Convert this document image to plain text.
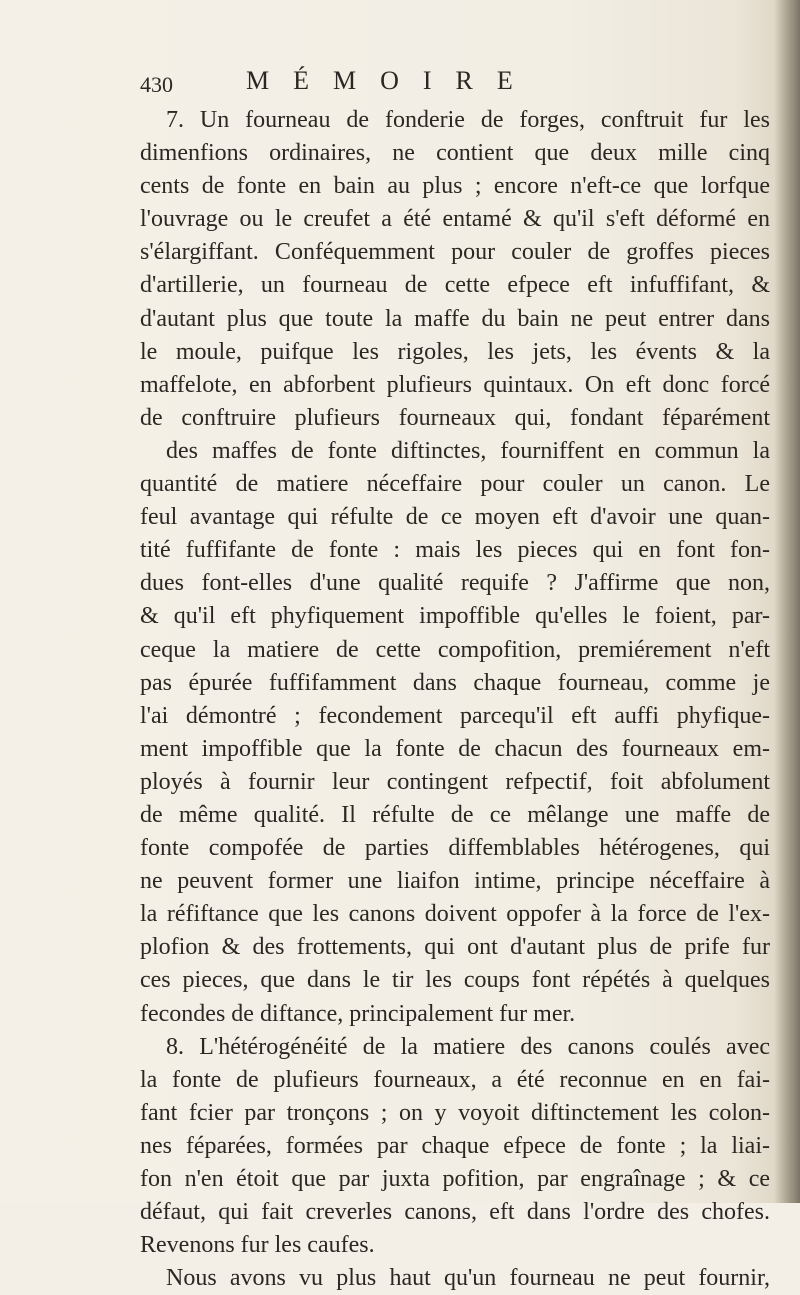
430	MÉMOIRE
7. Un fourneau de fonderie de forges, conftruit fur les
dimenfions ordinaires, ne contient que deux mille cinq
cents de fonte en bain au plus ; encore n'eft-ce que lorfque
l'ouvrage ou le creufet a été entamé & qu'il s'eft déformé en
s'élargiffant. Conféquemment pour couler de groffes pieces
d'artillerie, un fourneau de cette efpece eft infuffifant, &
d'autant plus que toute la maffe du bain ne peut entrer dans
le moule, puifque les rigoles, les jets, les évents & la
maffelote, en abforbent plufieurs quintaux. On eft donc forcé
de conftruire plufieurs fourneaux qui, fondant féparément
des maffes de fonte diftinctes, fourniffent en commun la
quantité de matiere néceffaire pour couler un canon. Le
feul avantage qui réfulte de ce moyen eft d'avoir une quan-
tité fuffifante de fonte : mais les pieces qui en font fon-
dues font-elles d'une qualité requife ? J'affirme que non,
& qu'il eft phyfiquement impoffible qu'elles le foient, par-
ceque la matiere de cette compofition, premiérement n'eft
pas épurée fuffifamment dans chaque fourneau, comme je
l'ai démontré ; fecondement parcequ'il eft auffi phyfique-
ment impoffible que la fonte de chacun des fourneaux em-
ployés à fournir leur contingent refpectif, foit abfolument
de même qualité. Il réfulte de ce mêlange une maffe de
fonte compofée de parties diffemblables hétérogenes, qui
ne peuvent former une liaifon intime, principe néceffaire à
la réfiftance que les canons doivent oppofer à la force de l'ex-
plofion & des frottements, qui ont d'autant plus de prife fur
ces pieces, que dans le tir les coups font répétés à quelques
fecondes de diftance, principalement fur mer.
8. L'hétérogénéité de la matiere des canons coulés avec
la fonte de plufieurs fourneaux, a été reconnue en en fai-
fant fcier par tronçons ; on y voyoit diftinctement les colon-
nes féparées, formées par chaque efpece de fonte ; la liai-
fon n'en étoit que par juxta pofition, par engraînage ; & ce
défaut, qui fait creverles canons, eft dans l'ordre des chofes.
Revenons fur les caufes.
Nous avons vu plus haut qu'un fourneau ne peut fournir,
